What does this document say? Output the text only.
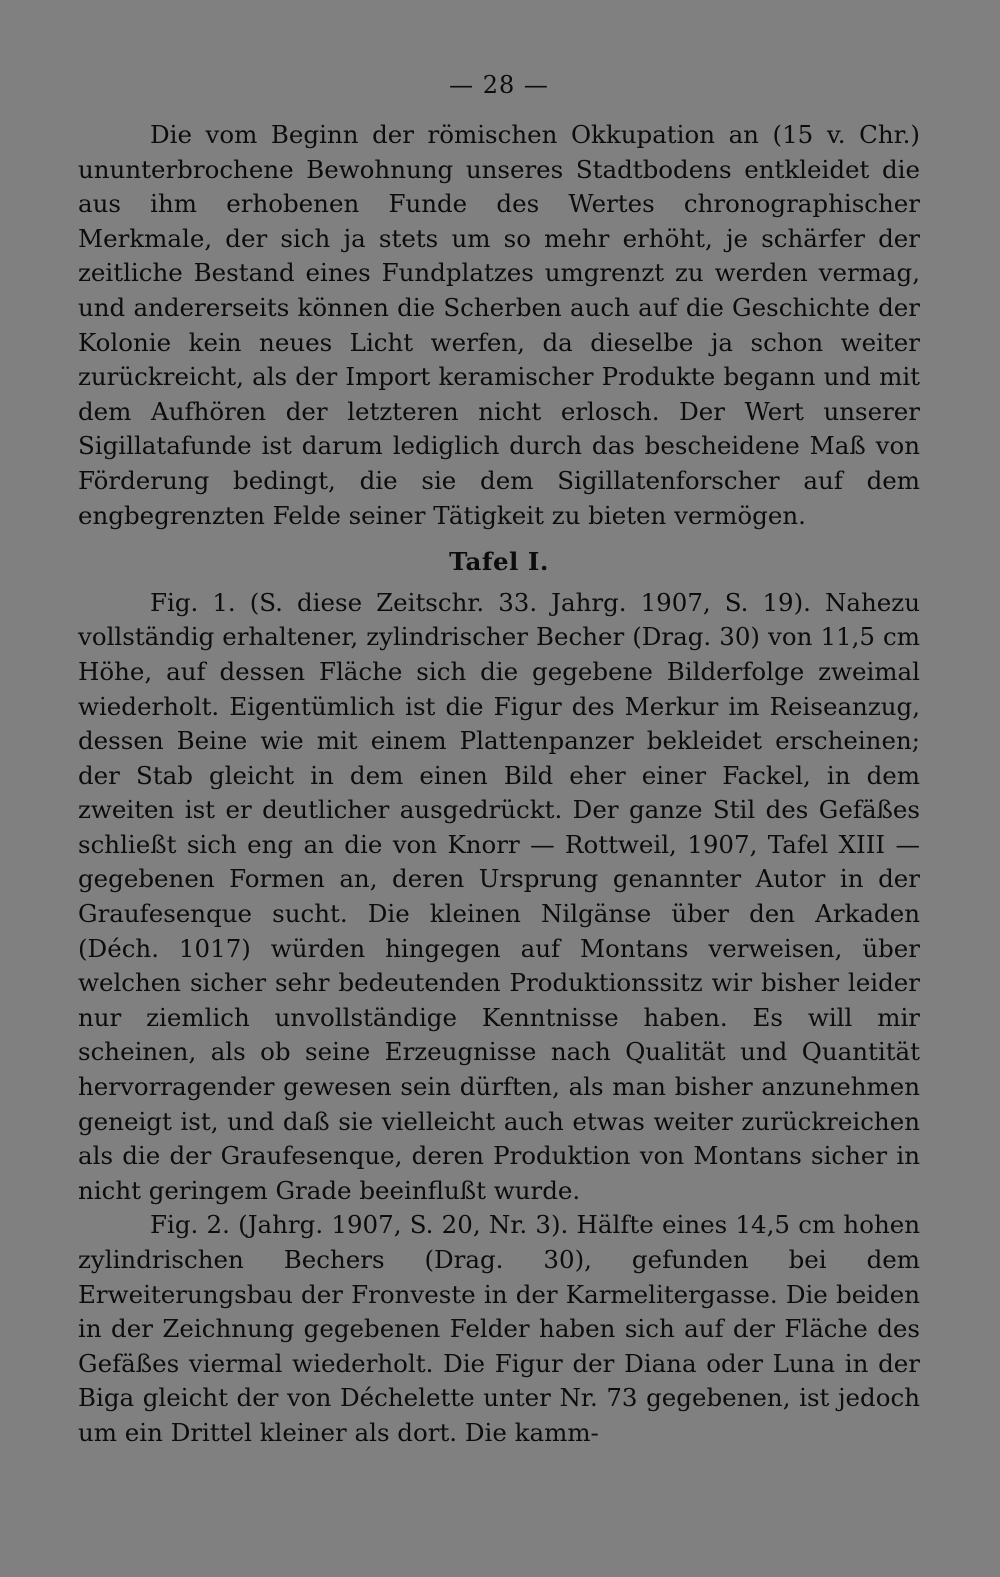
— 28 —

Die vom Beginn der römischen Okkupation an (15 v. Chr.) ununterbrochene Bewohnung unseres Stadtbodens entkleidet die aus ihm erhobenen Funde des Wertes chronographischer Merkmale, der sich ja stets um so mehr erhöht, je schärfer der zeitliche Bestand eines Fundplatzes umgrenzt zu werden vermag, und andererseits können die Scherben auch auf die Geschichte der Kolonie kein neues Licht werfen, da dieselbe ja schon weiter zurückreicht, als der Import keramischer Produkte begann und mit dem Aufhören der letzteren nicht erlosch. Der Wert unserer Sigillatafunde ist darum lediglich durch das bescheidene Maß von Förderung bedingt, die sie dem Sigillatenforscher auf dem engbegrenzten Felde seiner Tätigkeit zu bieten vermögen.

Tafel I.

Fig. 1. (S. diese Zeitschr. 33. Jahrg. 1907, S. 19). Nahezu vollständig erhaltener, zylindrischer Becher (Drag. 30) von 11,5 cm Höhe, auf dessen Fläche sich die gegebene Bilderfolge zweimal wiederholt. Eigentümlich ist die Figur des Merkur im Reiseanzug, dessen Beine wie mit einem Plattenpanzer bekleidet erscheinen; der Stab gleicht in dem einen Bild eher einer Fackel, in dem zweiten ist er deutlicher ausgedrückt. Der ganze Stil des Gefäßes schließt sich eng an die von Knorr — Rottweil, 1907, Tafel XIII — gegebenen Formen an, deren Ursprung genannter Autor in der Graufesenque sucht. Die kleinen Nilgänse über den Arkaden (Déch. 1017) würden hingegen auf Montans verweisen, über welchen sicher sehr bedeutenden Produktionssitz wir bisher leider nur ziemlich unvollständige Kenntnisse haben. Es will mir scheinen, als ob seine Erzeugnisse nach Qualität und Quantität hervorragender gewesen sein dürften, als man bisher anzunehmen geneigt ist, und daß sie vielleicht auch etwas weiter zurückreichen als die der Graufesenque, deren Produktion von Montans sicher in nicht geringem Grade beeinflußt wurde.

Fig. 2. (Jahrg. 1907, S. 20, Nr. 3). Hälfte eines 14,5 cm hohen zylindrischen Bechers (Drag. 30), gefunden bei dem Erweiterungsbau der Fronveste in der Karmelitergasse. Die beiden in der Zeichnung gegebenen Felder haben sich auf der Fläche des Gefäßes viermal wiederholt. Die Figur der Diana oder Luna in der Biga gleicht der von Déchelette unter Nr. 73 gegebenen, ist jedoch um ein Drittel kleiner als dort. Die kamm-
